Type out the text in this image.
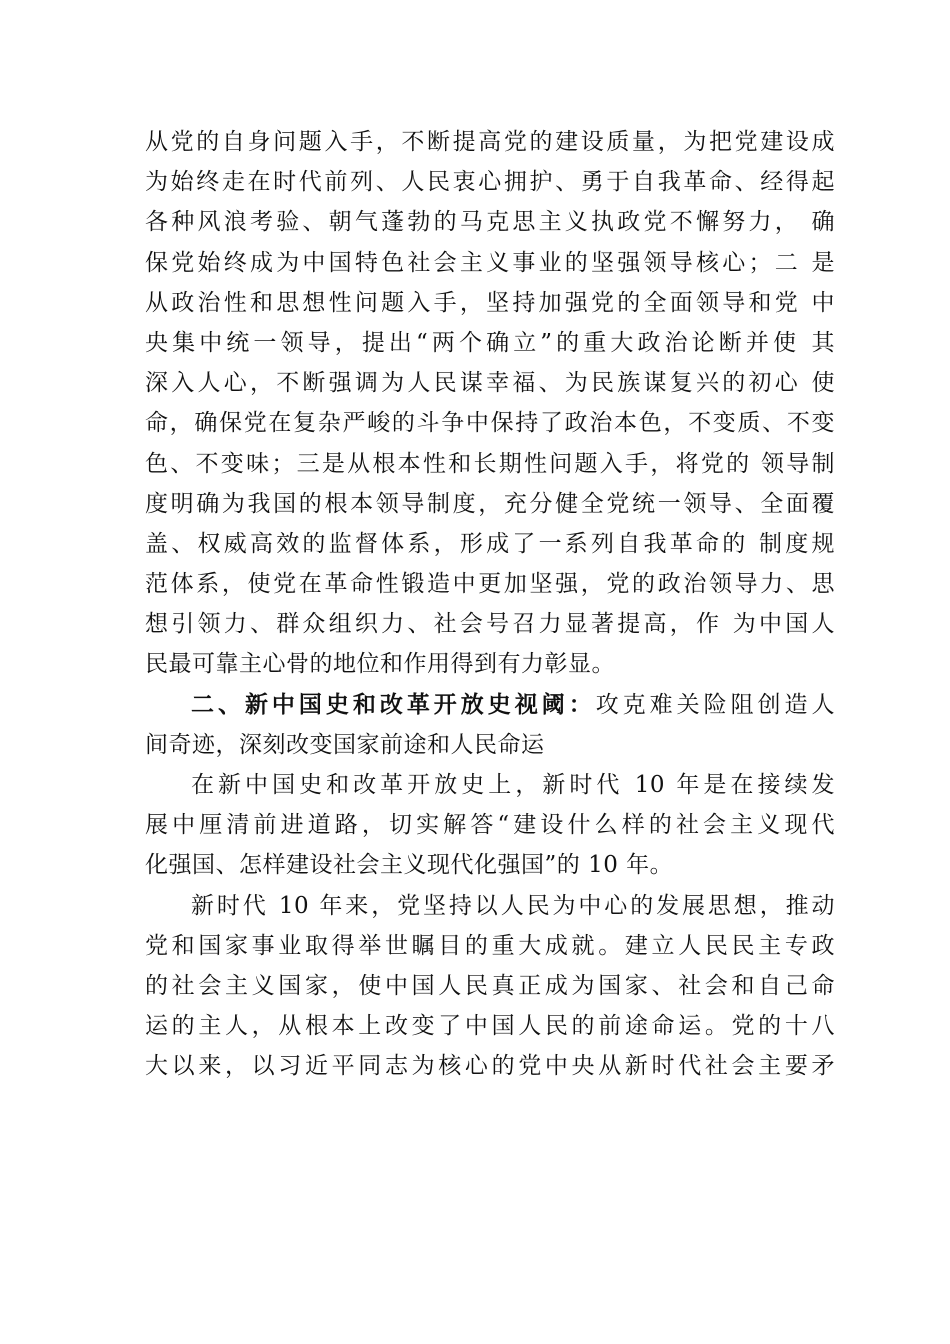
从党的自身问题入手，不断提高党的建设质量，为把党建设成
为始终走在时代前列、人民衷心拥护、勇于自我革命、经得起
各种风浪考验、朝气蓬勃的马克思主义执政党不懈努力， 确
保党始终成为中国特色社会主义事业的坚强领导核心；二 是
从政治性和思想性问题入手，坚持加强党的全面领导和党 中
央集中统一领导，提出“两个确立”的重大政治论断并使 其
深入人心，不断强调为人民谋幸福、为民族谋复兴的初心 使
命，确保党在复杂严峻的斗争中保持了政治本色，不变质、不变
色、不变味；三是从根本性和长期性问题入手，将党的 领导制
度明确为我国的根本领导制度，充分健全党统一领导、全面覆
盖、权威高效的监督体系，形成了一系列自我革命的 制度规
范体系，使党在革命性锻造中更加坚强，党的政治领导力、思
想引领力、群众组织力、社会号召力显著提高，作 为中国人
民最可靠主心骨的地位和作用得到有力彰显。
二、新中国史和改革开放史视阈：攻克难关险阻创造人
间奇迹，深刻改变国家前途和人民命运
在新中国史和改革开放史上，新时代 10 年是在接续发
展中厘清前进道路，切实解答“建设什么样的社会主义现代
化强国、怎样建设社会主义现代化强国”的 10 年。
新时代 10 年来，党坚持以人民为中心的发展思想，推动
党和国家事业取得举世瞩目的重大成就。建立人民民主专政
的社会主义国家，使中国人民真正成为国家、社会和自己命
运的主人，从根本上改变了中国人民的前途命运。党的十八
大以来，以习近平同志为核心的党中央从新时代社会主要矛
